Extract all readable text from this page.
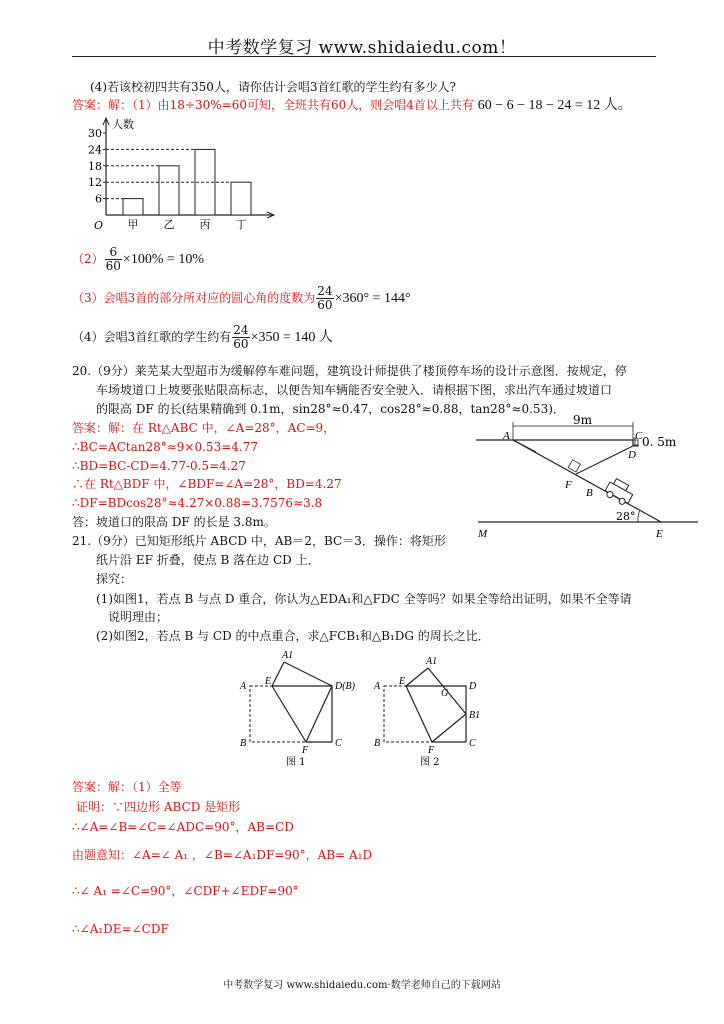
中考数学复习 www.shidaiedu.com！
(4)若该校初四共有350人，请你估计会唱3首红歌的学生约有多少人?
答案：解：（1）由18÷30%=60可知，全班共有60人，则会唱4首以上共有 60 − 6 − 18 − 24 = 12 人。
人数
O
6
12
18
24
30
甲 乙 丙 丁
$(2) \frac{6}{60} \times 100\% = 10\%$
（3）会唱3首的部分所对应的圆心角的度数为 $\frac{24}{60} \times 360^\circ = 144^\circ$
（4）会唱3首红歌的学生约有 $\frac{24}{60} \times 350 = 140$ 人
20.（9分）莱芜某大型超市为缓解停车难问题，建筑设计师提供了楼顶停车场的设计示意图．按规定，停
车场坡道口上坡要张贴限高标志，以便告知车辆能否安全驶入．请根据下图，求出汽车通过坡道口
的限高 DF 的长(结果精确到 0.1m，sin28°≈0.47，cos28°≈0.88，tan28°≈0.53)．
答案：解：在 Rt△ABC 中，∠A=28°，AC=9，
∴BC=ACtan28°≈9×0.53=4.77
∴BD=BC-CD=4.77-0.5=4.27
∴在 Rt△BDF 中，∠BDF=∠A=28°，BD=4.27
∴DF=BDcos28°≈4.27×0.88=3.7576≈3.8
答：坡道口的限高 DF 的长是 3.8m。
9m
0. 5m
28°
A	C
D
F
B
M	E
21.（9分）已知矩形纸片 ABCD 中，AB＝2，BC＝3．操作：将矩形
纸片沿 EF 折叠，使点 B 落在边 CD 上．
探究：
(1)如图1，若点 B 与点 D 重合，你认为△EDA₁和△FDC 全等吗？如果全等给出证明，如果不全等请
说明理由；
(2)如图2，若点 B 与 CD 的中点重合，求△FCB₁和△B₁DG 的周长之比．
A1
A E	D(B)
B
F
C
图 1
A1
A E	D
G
B1
B
F
C
图 2
答案：解：（1）全等
证明：∵四边形 ABCD 是矩形
∴∠A=∠B=∠C=∠ADC=90°，AB=CD
由题意知：∠A=∠ A₁ ，∠B=∠A₁DF=90°，AB= A₁D
∴∠ A₁ =∠C=90°，∠CDF+∠EDF=90°
∴∠A₁DE=∠CDF
中考数学复习 www.shidaiedu.com·数学老师自己的下载网站
